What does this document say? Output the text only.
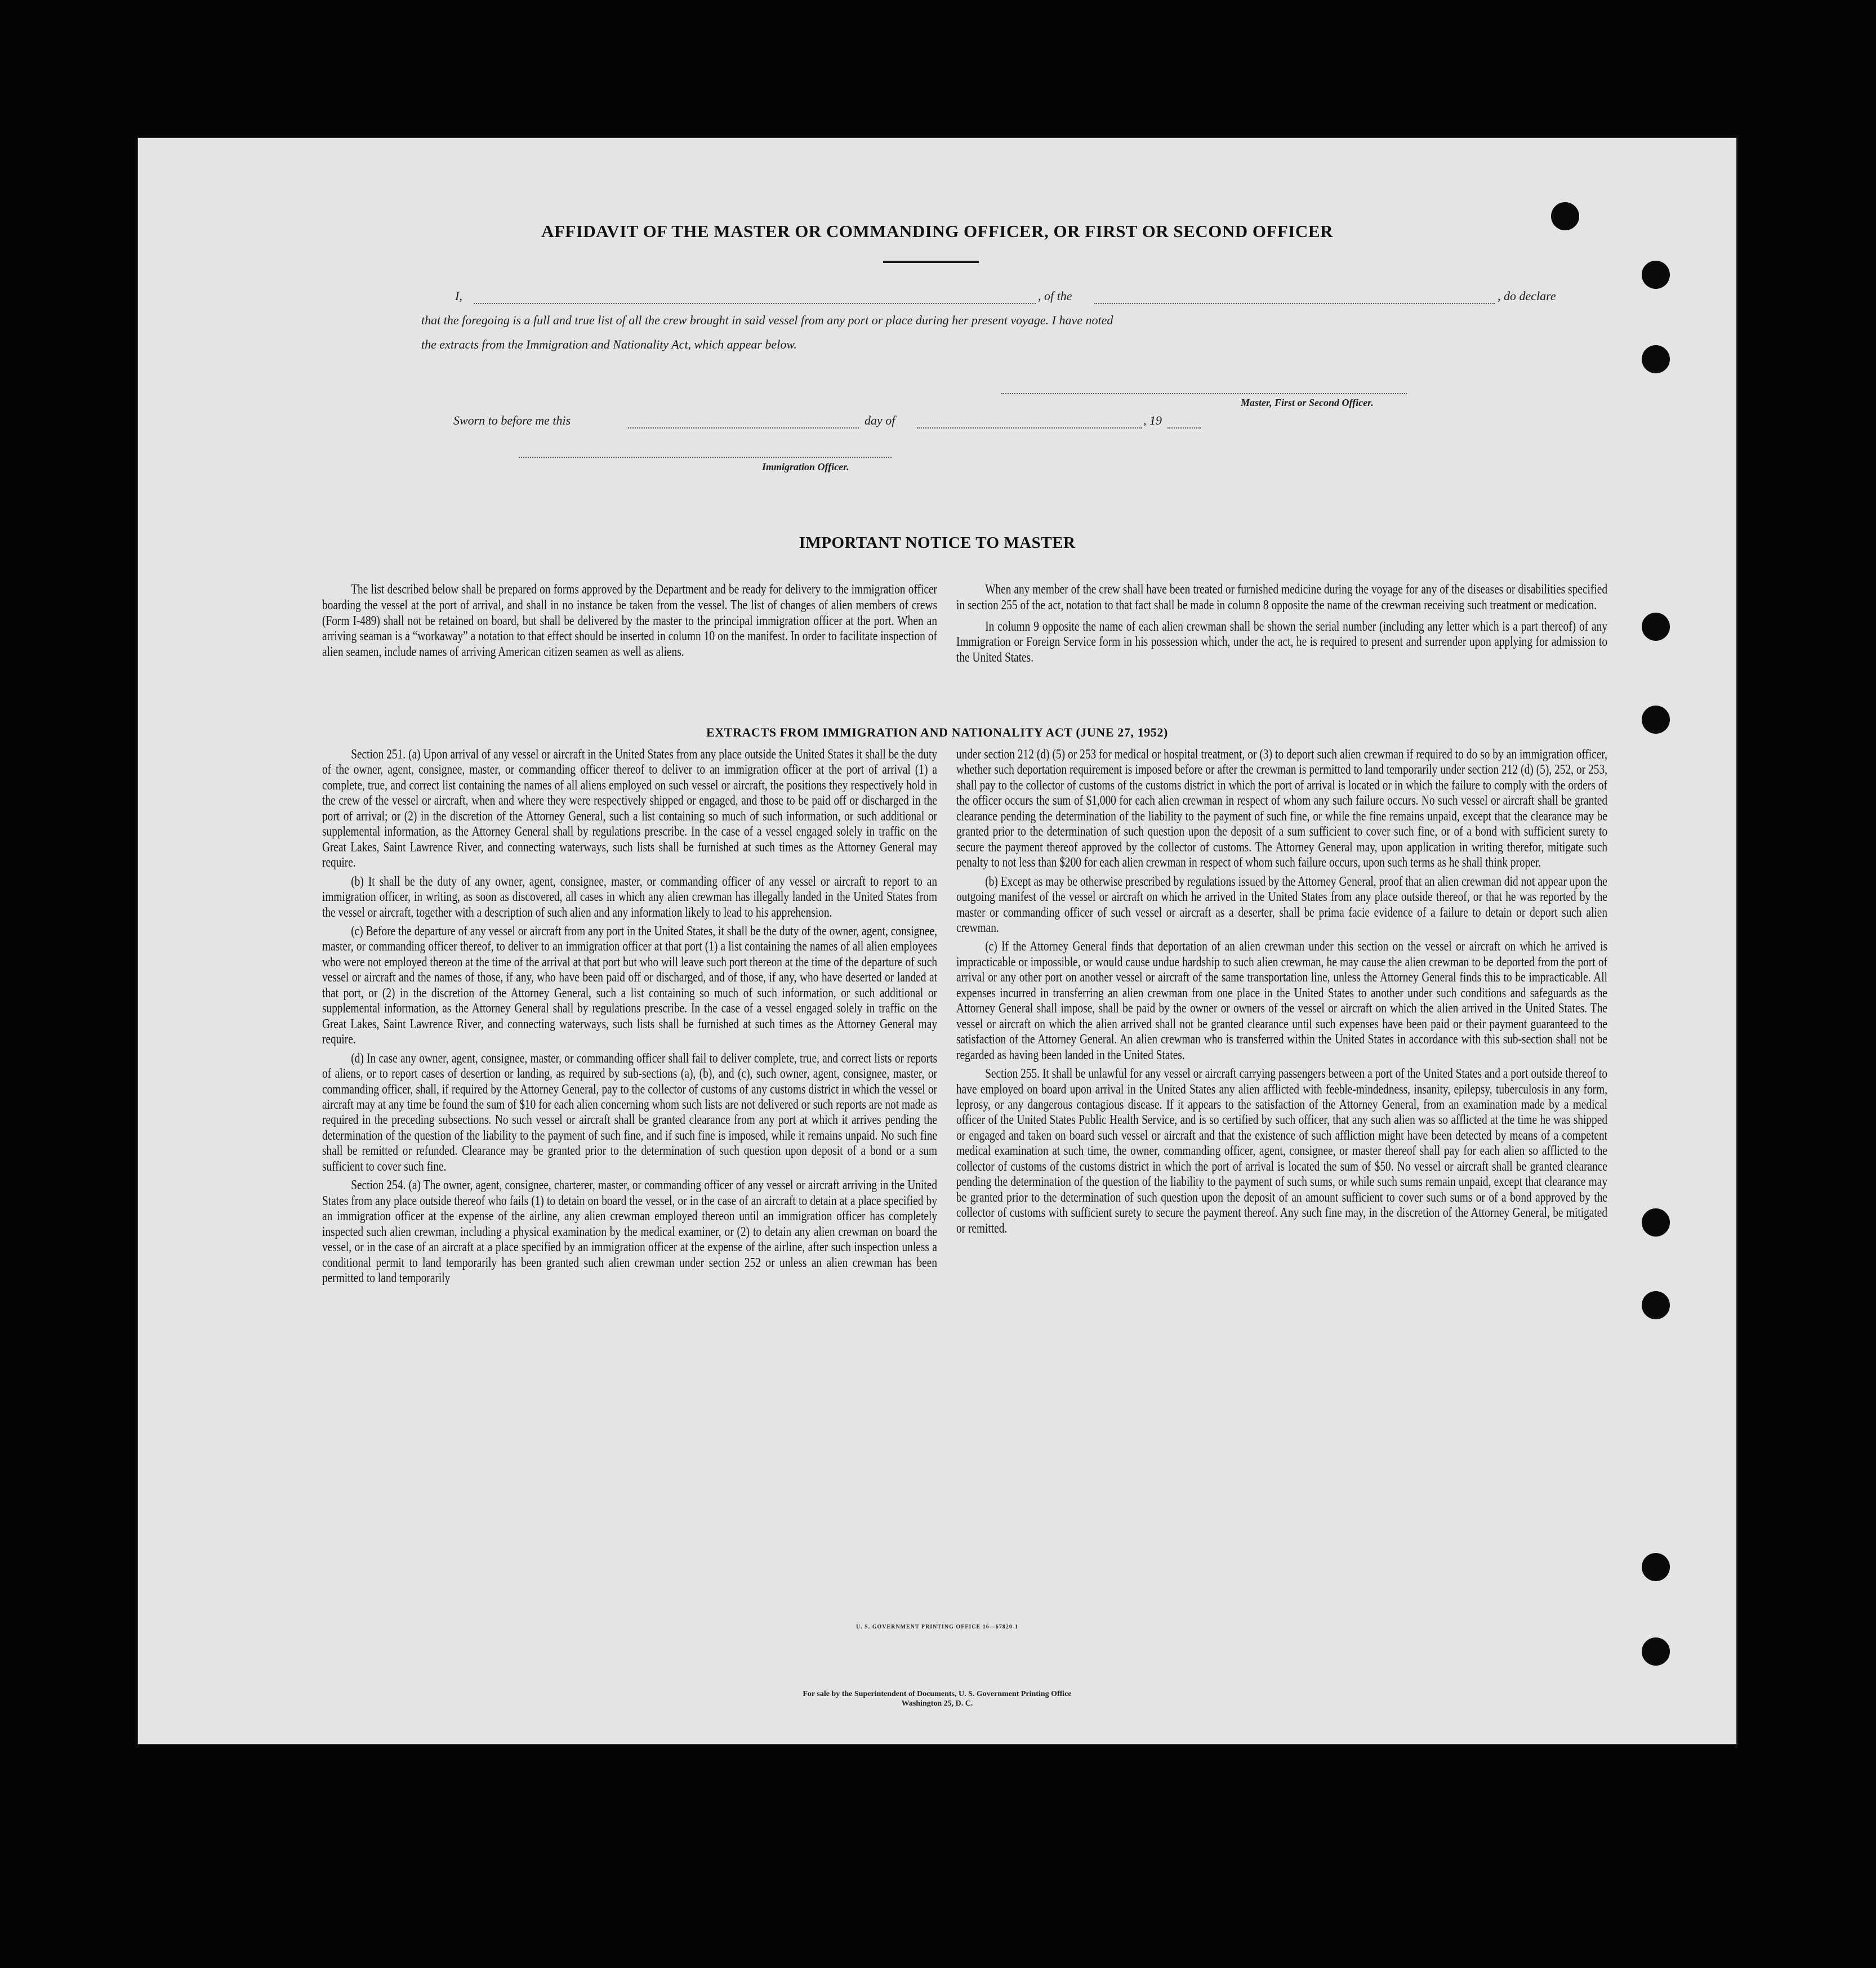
AFFIDAVIT OF THE MASTER OR COMMANDING OFFICER, OR FIRST OR SECOND OFFICER
I,	, of the	, do declare
that the foregoing is a full and true list of all the crew brought in said vessel from any port or place during her present voyage. I have noted
the extracts from the Immigration and Nationality Act, which appear below.
Master, First or Second Officer.
Sworn to before me this	day of	, 19
Immigration Officer.
IMPORTANT NOTICE TO MASTER

The list described below shall be prepared on forms approved by the Department and be ready for delivery to the immigration officer boarding the vessel at the port of arrival, and shall in no instance be taken from the vessel. The list of changes of alien members of crews (Form I-489) shall not be retained on board, but shall be delivered by the master to the principal immigration officer at the port. When an arriving seaman is a “workaway” a notation to that effect should be inserted in column 10 on the manifest. In order to facilitate inspection of alien seamen, include names of arriving American citizen seamen as well as aliens.

When any member of the crew shall have been treated or furnished medicine during the voyage for any of the diseases or disabilities specified in section 255 of the act, notation to that fact shall be made in column 8 opposite the name of the crewman receiving such treatment or medication.

In column 9 opposite the name of each alien crewman shall be shown the serial number (including any letter which is a part thereof) of any Immigration or Foreign Service form in his possession which, under the act, he is required to present and surrender upon applying for admission to the United States.

EXTRACTS FROM IMMIGRATION AND NATIONALITY ACT (JUNE 27, 1952)

Section 251. (a) Upon arrival of any vessel or aircraft in the United States from any place outside the United States it shall be the duty of the owner, agent, consignee, master, or commanding officer thereof to deliver to an immigration officer at the port of arrival (1) a complete, true, and correct list containing the names of all aliens employed on such vessel or aircraft, the positions they respectively hold in the crew of the vessel or aircraft, when and where they were respectively shipped or engaged, and those to be paid off or discharged in the port of arrival; or (2) in the discretion of the Attorney General, such a list containing so much of such information, or such additional or supplemental information, as the Attorney General shall by regulations prescribe. In the case of a vessel engaged solely in traffic on the Great Lakes, Saint Lawrence River, and connecting waterways, such lists shall be furnished at such times as the Attorney General may require.

(b) It shall be the duty of any owner, agent, consignee, master, or commanding officer of any vessel or aircraft to report to an immigration officer, in writing, as soon as discovered, all cases in which any alien crewman has illegally landed in the United States from the vessel or aircraft, together with a description of such alien and any information likely to lead to his apprehension.

(c) Before the departure of any vessel or aircraft from any port in the United States, it shall be the duty of the owner, agent, consignee, master, or commanding officer thereof, to deliver to an immigration officer at that port (1) a list containing the names of all alien employees who were not employed thereon at the time of the arrival at that port but who will leave such port thereon at the time of the departure of such vessel or aircraft and the names of those, if any, who have been paid off or discharged, and of those, if any, who have deserted or landed at that port, or (2) in the discretion of the Attorney General, such a list containing so much of such information, or such additional or supplemental information, as the Attorney General shall by regulations prescribe. In the case of a vessel engaged solely in traffic on the Great Lakes, Saint Lawrence River, and connecting waterways, such lists shall be furnished at such times as the Attorney General may require.

(d) In case any owner, agent, consignee, master, or commanding officer shall fail to deliver complete, true, and correct lists or reports of aliens, or to report cases of desertion or landing, as required by sub-sections (a), (b), and (c), such owner, agent, consignee, master, or commanding officer, shall, if required by the Attorney General, pay to the collector of customs of any customs district in which the vessel or aircraft may at any time be found the sum of $10 for each alien concerning whom such lists are not delivered or such reports are not made as required in the preceding subsections. No such vessel or aircraft shall be granted clearance from any port at which it arrives pending the determination of the question of the liability to the payment of such fine, and if such fine is imposed, while it remains unpaid. No such fine shall be remitted or refunded. Clearance may be granted prior to the determination of such question upon deposit of a bond or a sum sufficient to cover such fine.

Section 254. (a) The owner, agent, consignee, charterer, master, or commanding officer of any vessel or aircraft arriving in the United States from any place outside thereof who fails (1) to detain on board the vessel, or in the case of an aircraft to detain at a place specified by an immigration officer at the expense of the airline, any alien crewman employed thereon until an immigration officer has completely inspected such alien crewman, including a physical examination by the medical examiner, or (2) to detain any alien crewman on board the vessel, or in the case of an aircraft at a place specified by an immigration officer at the expense of the airline, after such inspection unless a conditional permit to land temporarily has been granted such alien crewman under section 252 or unless an alien crewman has been permitted to land temporarily

under section 212 (d) (5) or 253 for medical or hospital treatment, or (3) to deport such alien crewman if required to do so by an immigration officer, whether such deportation requirement is imposed before or after the crewman is permitted to land temporarily under section 212 (d) (5), 252, or 253, shall pay to the collector of customs of the customs district in which the port of arrival is located or in which the failure to comply with the orders of the officer occurs the sum of $1,000 for each alien crewman in respect of whom any such failure occurs. No such vessel or aircraft shall be granted clearance pending the determination of the liability to the payment of such fine, or while the fine remains unpaid, except that the clearance may be granted prior to the determination of such question upon the deposit of a sum sufficient to cover such fine, or of a bond with sufficient surety to secure the payment thereof approved by the collector of customs. The Attorney General may, upon application in writing therefor, mitigate such penalty to not less than $200 for each alien crewman in respect of whom such failure occurs, upon such terms as he shall think proper.

(b) Except as may be otherwise prescribed by regulations issued by the Attorney General, proof that an alien crewman did not appear upon the outgoing manifest of the vessel or aircraft on which he arrived in the United States from any place outside thereof, or that he was reported by the master or commanding officer of such vessel or aircraft as a deserter, shall be prima facie evidence of a failure to detain or deport such alien crewman.

(c) If the Attorney General finds that deportation of an alien crewman under this section on the vessel or aircraft on which he arrived is impracticable or impossible, or would cause undue hardship to such alien crewman, he may cause the alien crewman to be deported from the port of arrival or any other port on another vessel or aircraft of the same transportation line, unless the Attorney General finds this to be impracticable. All expenses incurred in transferring an alien crewman from one place in the United States to another under such conditions and safeguards as the Attorney General shall impose, shall be paid by the owner or owners of the vessel or aircraft on which the alien arrived in the United States. The vessel or aircraft on which the alien arrived shall not be granted clearance until such expenses have been paid or their payment guaranteed to the satisfaction of the Attorney General. An alien crewman who is transferred within the United States in accordance with this sub-section shall not be regarded as having been landed in the United States.

Section 255. It shall be unlawful for any vessel or aircraft carrying passengers between a port of the United States and a port outside thereof to have employed on board upon arrival in the United States any alien afflicted with feeble-mindedness, insanity, epilepsy, tuberculosis in any form, leprosy, or any dangerous contagious disease. If it appears to the satisfaction of the Attorney General, from an examination made by a medical officer of the United States Public Health Service, and is so certified by such officer, that any such alien was so afflicted at the time he was shipped or engaged and taken on board such vessel or aircraft and that the existence of such affliction might have been detected by means of a competent medical examination at such time, the owner, commanding officer, agent, consignee, or master thereof shall pay for each alien so afflicted to the collector of customs of the customs district in which the port of arrival is located the sum of $50. No vessel or aircraft shall be granted clearance pending the determination of the question of the liability to the payment of such sums, or while such sums remain unpaid, except that clearance may be granted prior to the determination of such question upon the deposit of an amount sufficient to cover such sums or of a bond approved by the collector of customs with sufficient surety to secure the payment thereof. Any such fine may, in the discretion of the Attorney General, be mitigated or remitted.

U. S. GOVERNMENT PRINTING OFFICE 16—67820-1
For sale by the Superintendent of Documents, U. S. Government Printing Office
Washington 25, D. C.
